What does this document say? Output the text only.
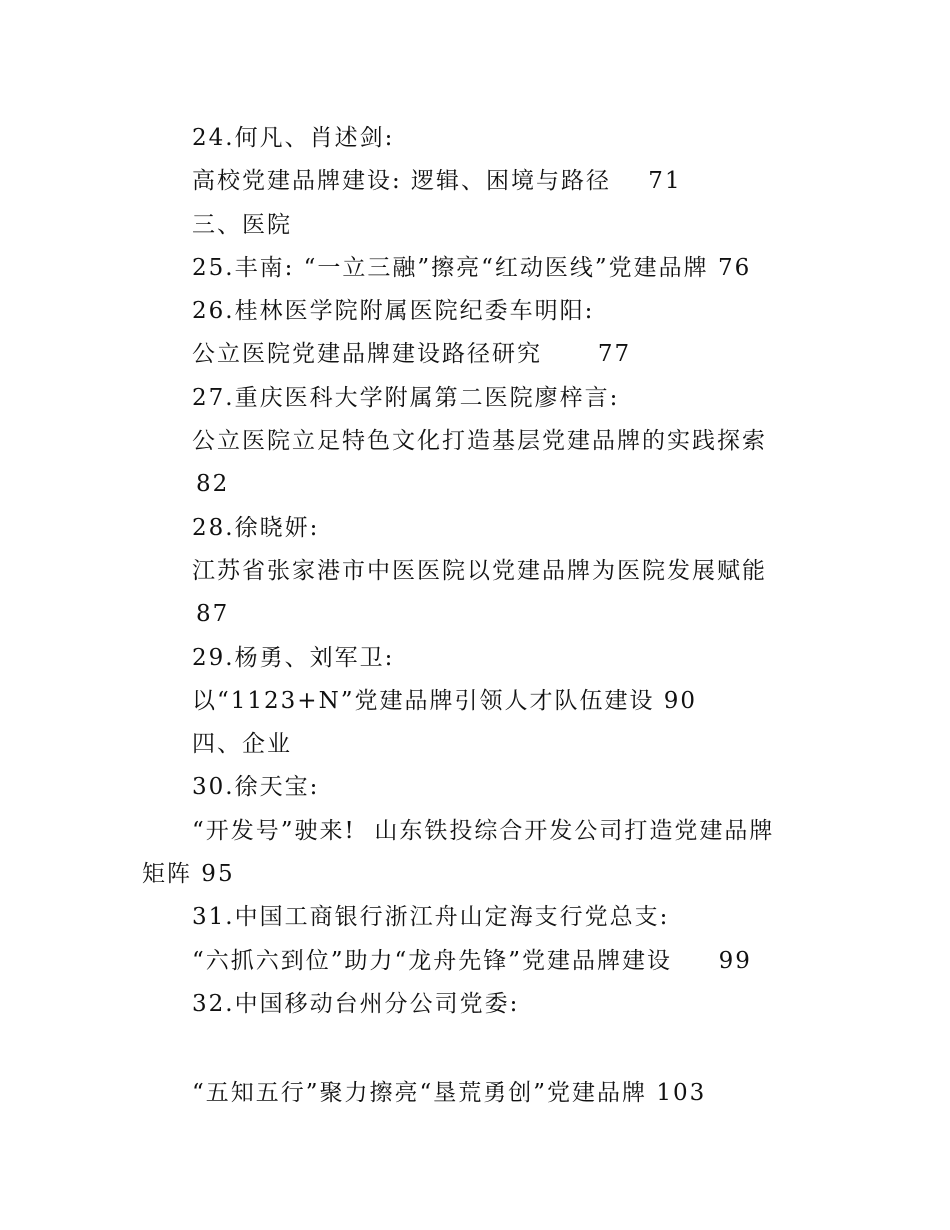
24.何凡、肖述剑:
高校党建品牌建设: 逻辑、困境与路径    71
三、医院
25.丰南: “一立三融”擦亮“红动医线”党建品牌 76
26.桂林医学院附属医院纪委车明阳:
公立医院党建品牌建设路径研究      77
27.重庆医科大学附属第二医院廖梓言:
公立医院立足特色文化打造基层党建品牌的实践探索
82
28.徐晓妍:
江苏省张家港市中医医院以党建品牌为医院发展赋能
87
29.杨勇、刘军卫:
以“1123+N”党建品牌引领人才队伍建设 90
四、企业
30.徐天宝:
“开发号”驶来!  山东铁投综合开发公司打造党建品牌
矩阵 95
31.中国工商银行浙江舟山定海支行党总支:
“六抓六到位”助力“龙舟先锋”党建品牌建设     99
32.中国移动台州分公司党委:
“五知五行”聚力擦亮“垦荒勇创”党建品牌 103
